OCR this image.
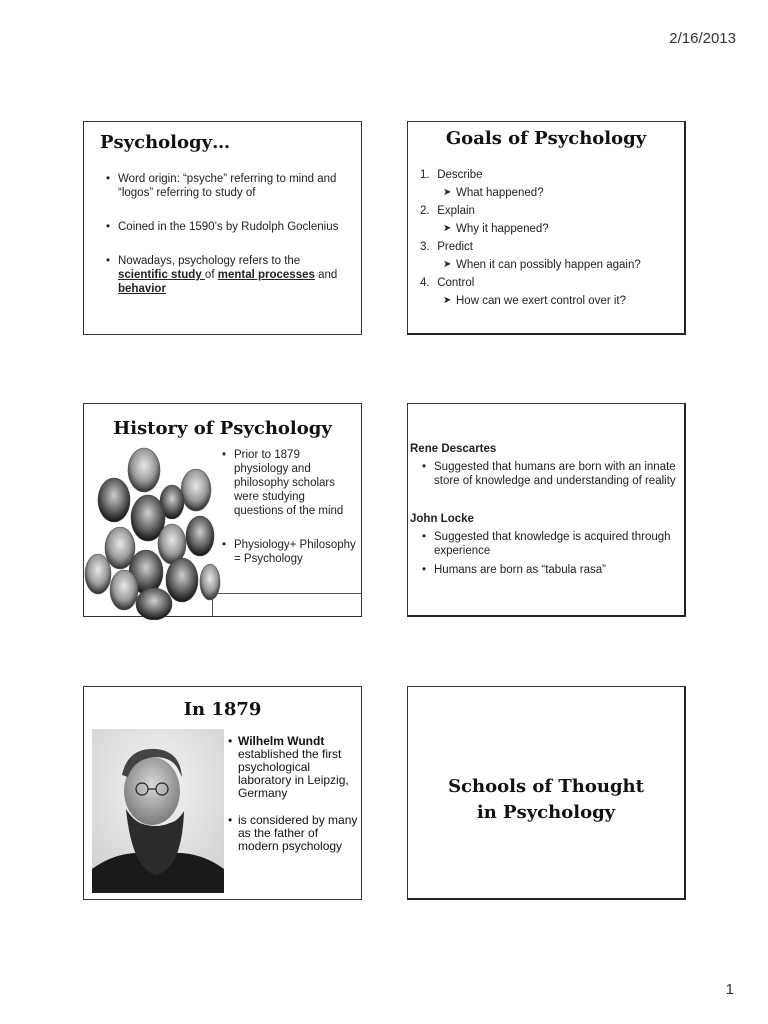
2/16/2013
Psychology…
• Word origin: “psyche” referring to mind and “logos” referring to study of
• Coined in the 1590’s by Rudolph Goclenius
• Nowadays, psychology refers to the scientific study of mental processes and behavior
Goals of Psychology
1.
Describe
➤ What happened?
2.
Explain
➤ Why it happened?
3.
Predict
➤ When it can possibly happen again?
4.
Control
➤ How can we exert control over it?
History of Psychology
• Prior to 1879 physiology and philosophy scholars were studying questions of the mind
• Physiology+ Philosophy = Psychology
Rene Descartes
• Suggested that humans are born with an innate store of knowledge and understanding of reality
John Locke
• Suggested that knowledge is acquired through experience
• Humans are born as “tabula rasa”
In 1879
• Wilhelm Wundt established the first psychological laboratory in Leipzig, Germany
• is considered by many as the father of modern psychology
Schools of Thought
in Psychology
1
